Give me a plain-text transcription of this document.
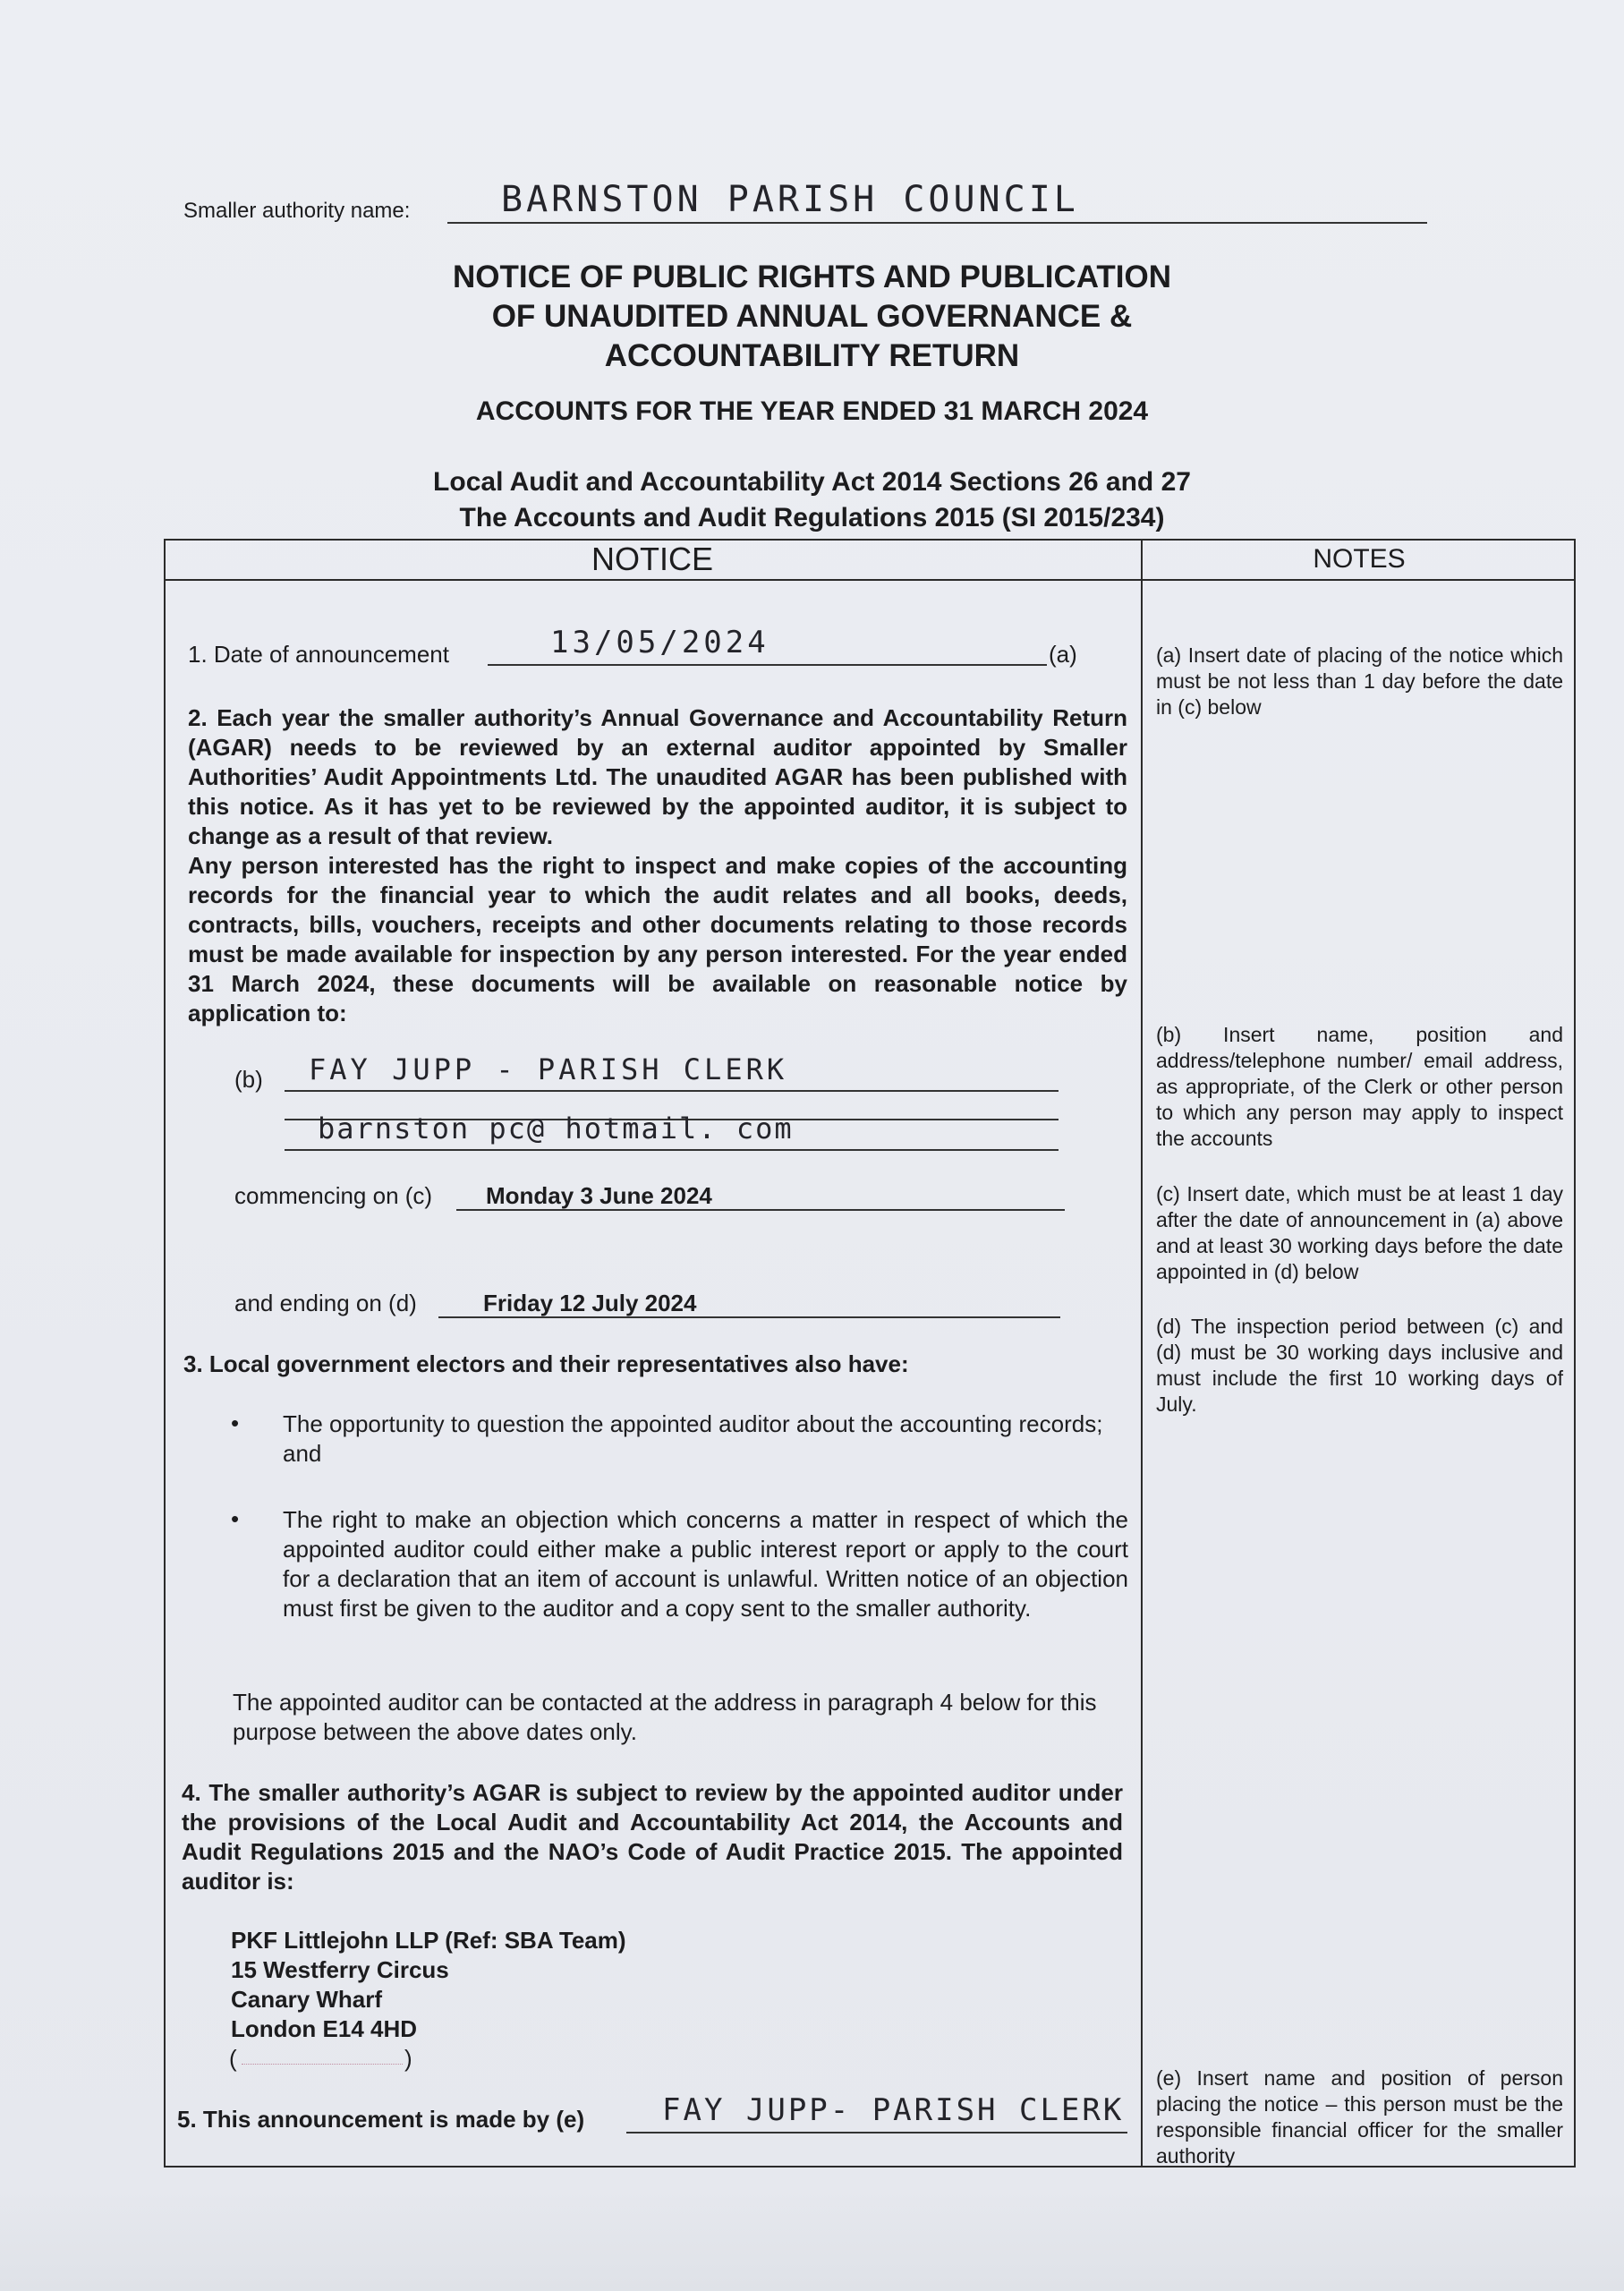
Smaller authority name:	BARNSTON PARISH COUNCIL
NOTICE OF PUBLIC RIGHTS AND PUBLICATION
OF UNAUDITED ANNUAL GOVERNANCE &
ACCOUNTABILITY RETURN
ACCOUNTS FOR THE YEAR ENDED 31 MARCH 2024
Local Audit and Accountability Act 2014 Sections 26 and 27
The Accounts and Audit Regulations 2015 (SI 2015/234)
NOTICE	NOTES
1. Date of announcement	13/05/2024	(a)
2. Each year the smaller authority’s Annual Governance and Accountability Return (AGAR) needs to be reviewed by an external auditor appointed by Smaller Authorities’ Audit Appointments Ltd. The unaudited AGAR has been published with this notice. As it has yet to be reviewed by the appointed auditor, it is subject to change as a result of that review.
Any person interested has the right to inspect and make copies of the accounting records for the financial year to which the audit relates and all books, deeds, contracts, bills, vouchers, receipts and other documents relating to those records must be made available for inspection by any person interested. For the year ended 31 March 2024, these documents will be available on reasonable notice by application to:
(b) FAY JUPP - PARISH CLERK
barnston pc@ hotmail. com
commencing on (c) Monday 3 June 2024
and ending on (d)	Friday 12 July 2024
3. Local government electors and their representatives also have:
• The opportunity to question the appointed auditor about the accounting records; and
• The right to make an objection which concerns a matter in respect of which the appointed auditor could either make a public interest report or apply to the court for a declaration that an item of account is unlawful. Written notice of an objection must first be given to the auditor and a copy sent to the smaller authority.
The appointed auditor can be contacted at the address in paragraph 4 below for this purpose between the above dates only.
4. The smaller authority’s AGAR is subject to review by the appointed auditor under the provisions of the Local Audit and Accountability Act 2014, the Accounts and Audit Regulations 2015 and the NAO’s Code of Audit Practice 2015. The appointed auditor is:
PKF Littlejohn LLP (Ref: SBA Team)
15 Westferry Circus
Canary Wharf
London E14 4HD
(	)
5. This announcement is made by (e)	FAY JUPP- PARISH CLERK
(a) Insert date of placing of the notice which must be not less than 1 day before the date in (c) below
(b) Insert name, position and address/telephone number/ email address, as appropriate, of the Clerk or other person to which any person may apply to inspect the accounts
(c) Insert date, which must be at least 1 day after the date of announcement in (a) above and at least 30 working days before the date appointed in (d) below
(d) The inspection period between (c) and (d) must be 30 working days inclusive and must include the first 10 working days of July.
(e) Insert name and position of person placing the notice – this person must be the responsible financial officer for the smaller authority
